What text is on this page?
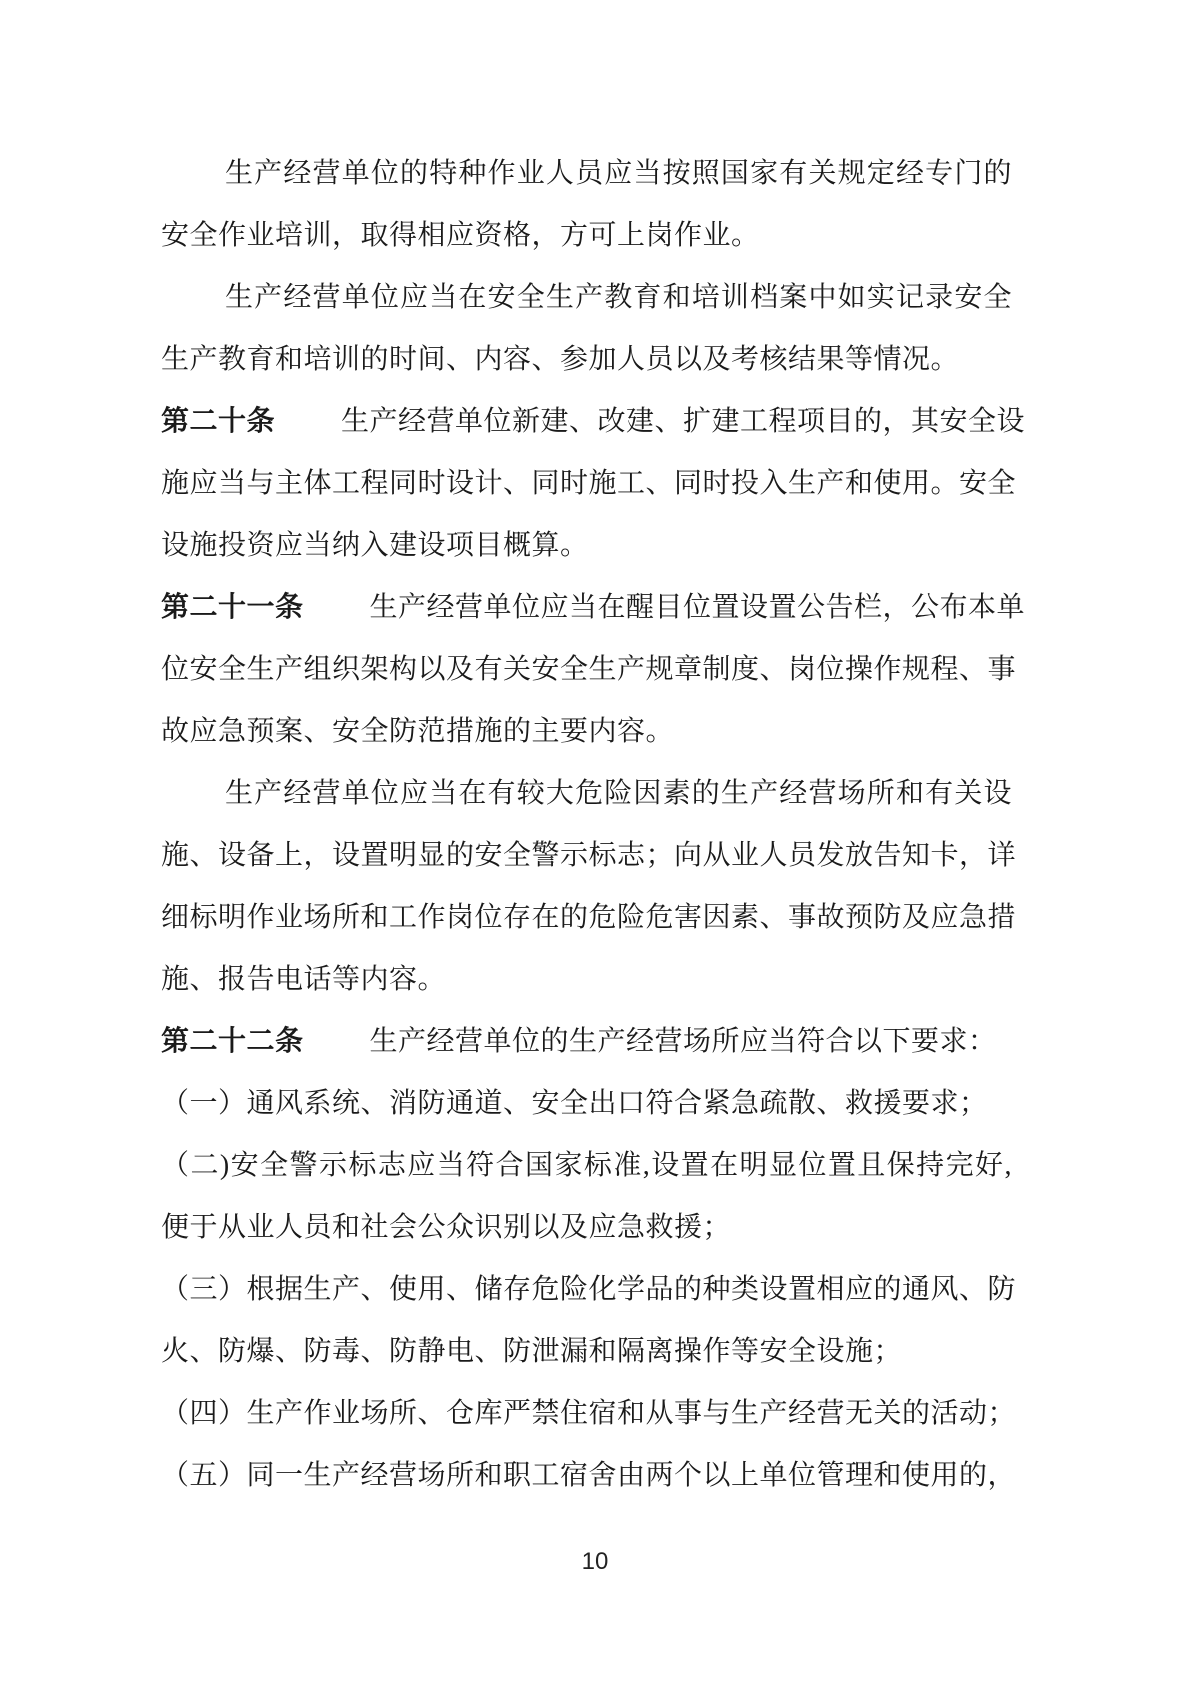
生产经营单位的特种作业人员应当按照国家有关规定经专门的
安全作业培训，取得相应资格，方可上岗作业。
生产经营单位应当在安全生产教育和培训档案中如实记录安全
生产教育和培训的时间、内容、参加人员以及考核结果等情况。
第二十条 生产经营单位新建、改建、扩建工程项目的，其安全设
施应当与主体工程同时设计、同时施工、同时投入生产和使用。安全
设施投资应当纳入建设项目概算。
第二十一条 生产经营单位应当在醒目位置设置公告栏，公布本单
位安全生产组织架构以及有关安全生产规章制度、岗位操作规程、事
故应急预案、安全防范措施的主要内容。
生产经营单位应当在有较大危险因素的生产经营场所和有关设
施、设备上，设置明显的安全警示标志；向从业人员发放告知卡，详
细标明作业场所和工作岗位存在的危险危害因素、事故预防及应急措
施、报告电话等内容。
第二十二条 生产经营单位的生产经营场所应当符合以下要求：
（一）通风系统、消防通道、安全出口符合紧急疏散、救援要求；
（二)安全警示标志应当符合国家标准,设置在明显位置且保持完好,
便于从业人员和社会公众识别以及应急救援；
（三）根据生产、使用、储存危险化学品的种类设置相应的通风、防
火、防爆、防毒、防静电、防泄漏和隔离操作等安全设施；
（四）生产作业场所、仓库严禁住宿和从事与生产经营无关的活动；
（五）同一生产经营场所和职工宿舍由两个以上单位管理和使用的，
10
